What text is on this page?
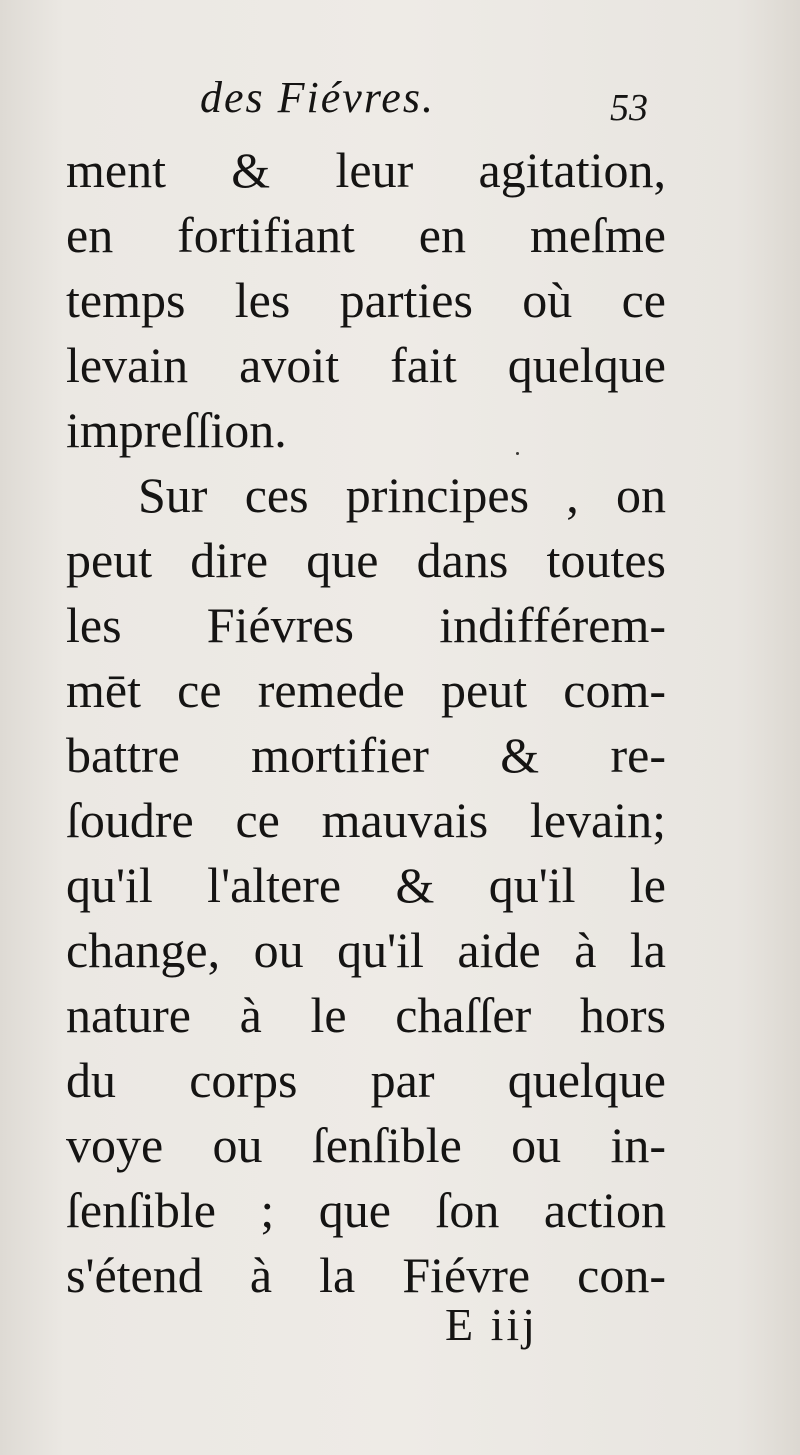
des Fiévres.	53
ment & leur agitation,
en fortifiant en meſme
temps les parties où ce
levain avoit fait quelque
impreſſion.
Sur ces principes , on
peut dire que dans toutes
les Fiévres indifférem-
mēt ce remede peut com-
battre mortifier & re-
ſoudre ce mauvais levain;
qu'il l'altere & qu'il le
change, ou qu'il aide à la
nature à le chaſſer hors
du corps par quelque
voye ou ſenſible ou in-
ſenſible ; que ſon action
s'étend à la Fiévre con-
E iij
